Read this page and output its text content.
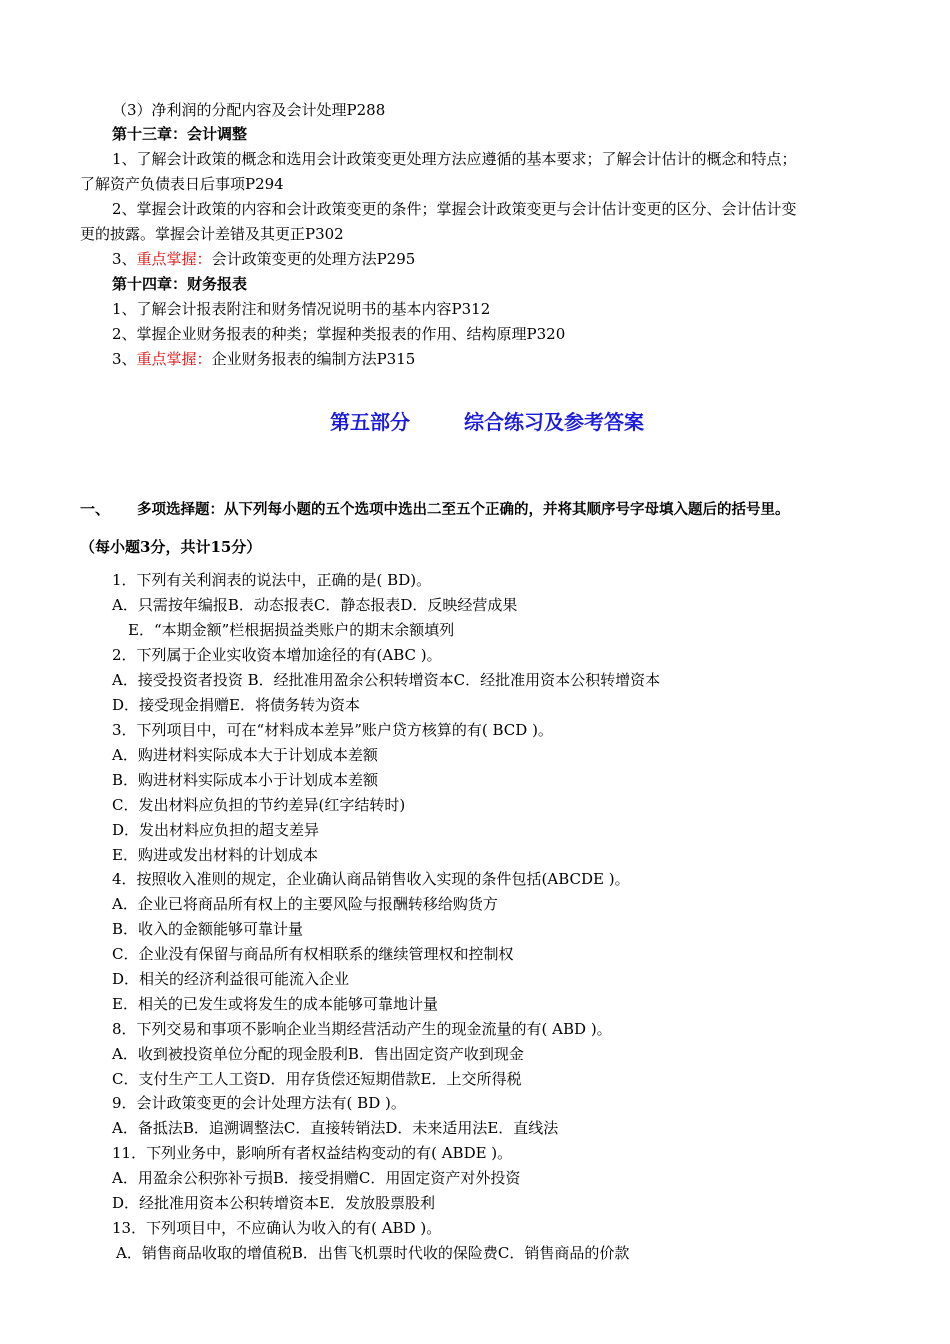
（3）净利润的分配内容及会计处理P288
第十三章：会计调整
1、了解会计政策的概念和选用会计政策变更处理方法应遵循的基本要求；了解会计估计的概念和特点；
了解资产负债表日后事项P294
2、掌握会计政策的内容和会计政策变更的条件；掌握会计政策变更与会计估计变更的区分、会计估计变
更的披露。掌握会计差错及其更正P302
3、重点掌握：会计政策变更的处理方法P295
第十四章：财务报表
1、了解会计报表附注和财务情况说明书的基本内容P312
2、掌握企业财务报表的种类；掌握种类报表的作用、结构原理P320
3、重点掌握：企业财务报表的编制方法P315
第五部分	综合练习及参考答案
一、 多项选择题：从下列每小题的五个选项中选出二至五个正确的，并将其顺序号字母填入题后的括号里。
（每小题3分，共计15分）
1．下列有关利润表的说法中，正确的是( BD)。
A．只需按年编报B．动态报表C．静态报表D．反映经营成果
E．“本期金额”栏根据损益类账户的期末余额填列
2．下列属于企业实收资本增加途径的有(ABC )。
A．接受投资者投资 B．经批准用盈余公积转增资本C．经批准用资本公积转增资本
D．接受现金捐赠E．将债务转为资本
3．下列项目中，可在“材料成本差异”账户贷方核算的有( BCD )。
A．购进材料实际成本大于计划成本差额
B．购进材料实际成本小于计划成本差额
C．发出材料应负担的节约差异(红字结转时)
D．发出材料应负担的超支差异
E．购进或发出材料的计划成本
4．按照收入准则的规定，企业确认商品销售收入实现的条件包括(ABCDE )。
A．企业已将商品所有权上的主要风险与报酬转移给购货方
B．收入的金额能够可靠计量
C．企业没有保留与商品所有权相联系的继续管理权和控制权
D．相关的经济利益很可能流入企业
E．相关的已发生或将发生的成本能够可靠地计量
8．下列交易和事项不影响企业当期经营活动产生的现金流量的有( ABD )。
A．收到被投资单位分配的现金股利B．售出固定资产收到现金
C．支付生产工人工资D．用存货偿还短期借款E．上交所得税
9．会计政策变更的会计处理方法有( BD )。
A．备抵法B．追溯调整法C．直接转销法D．未来适用法E．直线法
11．下列业务中，影响所有者权益结构变动的有( ABDE )。
A．用盈余公积弥补亏损B．接受捐赠C．用固定资产对外投资
D．经批准用资本公积转增资本E．发放股票股利
13．下列项目中，不应确认为收入的有( ABD )。
A．销售商品收取的增值税B．出售飞机票时代收的保险费C．销售商品的价款
